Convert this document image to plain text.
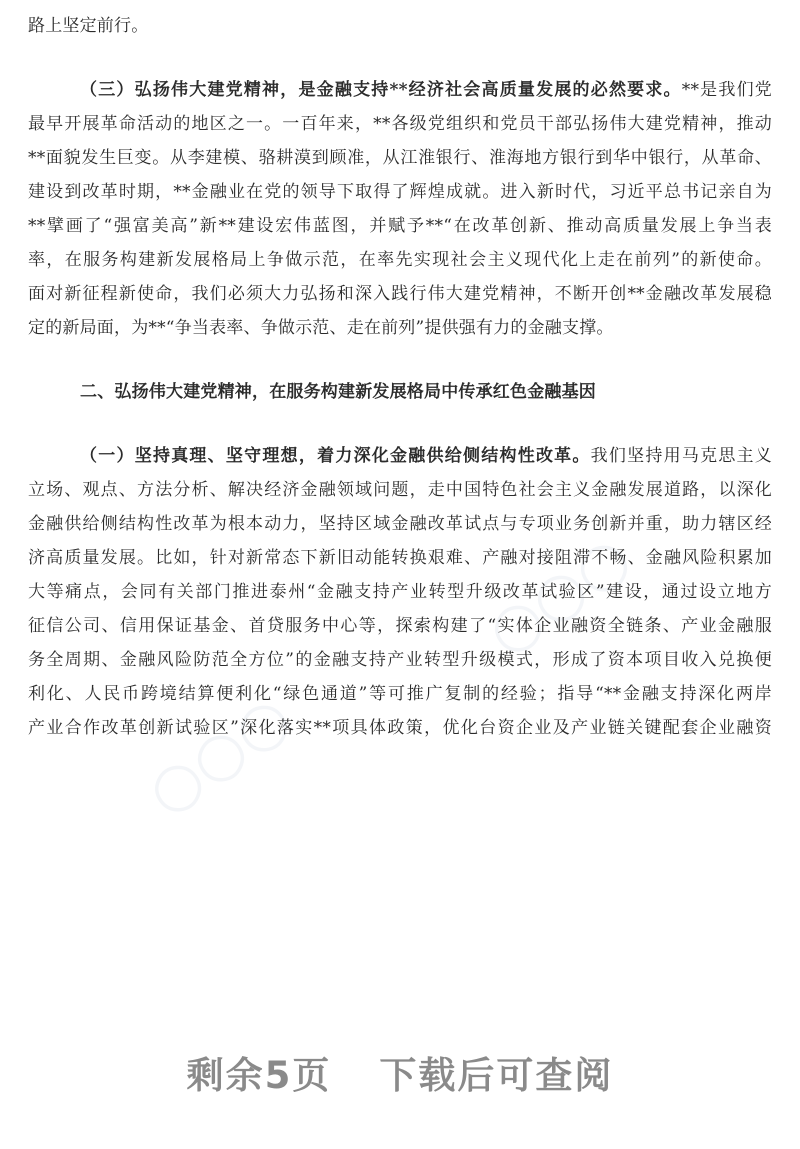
○○○
○○○
路上坚定前行。
（三）弘扬伟大建党精神，是金融支持**经济社会高质量发展的必然要求。**是我们党
最早开展革命活动的地区之一。一百年来，**各级党组织和党员干部弘扬伟大建党精神，推动
**面貌发生巨变。从李建模、骆耕漠到顾准，从江淮银行、淮海地方银行到华中银行，从革命、
建设到改革时期，**金融业在党的领导下取得了辉煌成就。进入新时代，习近平总书记亲自为
**擘画了“强富美高”新**建设宏伟蓝图，并赋予**“在改革创新、推动高质量发展上争当表
率，在服务构建新发展格局上争做示范，在率先实现社会主义现代化上走在前列”的新使命。
面对新征程新使命，我们必须大力弘扬和深入践行伟大建党精神，不断开创**金融改革发展稳
定的新局面，为**“争当表率、争做示范、走在前列”提供强有力的金融支撑。
二、弘扬伟大建党精神，在服务构建新发展格局中传承红色金融基因
（一）坚持真理、坚守理想，着力深化金融供给侧结构性改革。我们坚持用马克思主义
立场、观点、方法分析、解决经济金融领域问题，走中国特色社会主义金融发展道路，以深化
金融供给侧结构性改革为根本动力，坚持区域金融改革试点与专项业务创新并重，助力辖区经
济高质量发展。比如，针对新常态下新旧动能转换艰难、产融对接阻滞不畅、金融风险积累加
大等痛点，会同有关部门推进泰州“金融支持产业转型升级改革试验区”建设，通过设立地方
征信公司、信用保证基金、首贷服务中心等，探索构建了“实体企业融资全链条、产业金融服
务全周期、金融风险防范全方位”的金融支持产业转型升级模式，形成了资本项目收入兑换便
利化、人民币跨境结算便利化“绿色通道”等可推广复制的经验；指导“**金融支持深化两岸
产业合作改革创新试验区”深化落实**项具体政策，优化台资企业及产业链关键配套企业融资
剩余5页 下载后可查阅
